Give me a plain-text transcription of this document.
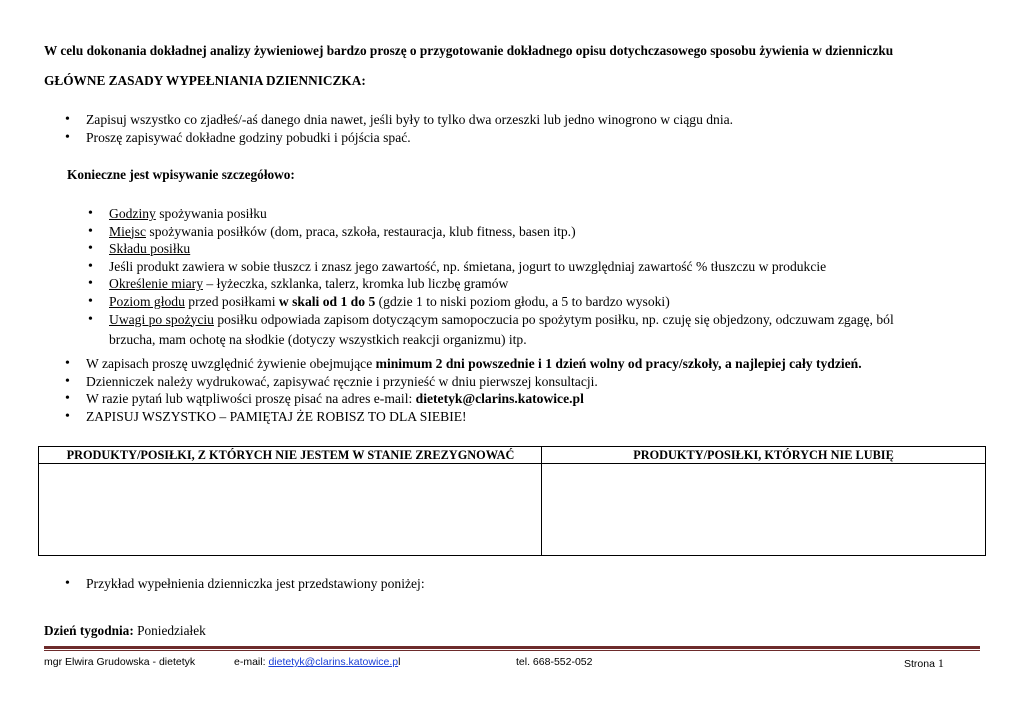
W celu dokonania dokładnej analizy żywieniowej bardzo proszę o przygotowanie dokładnego opisu dotychczasowego sposobu żywienia w dzienniczku
GŁÓWNE ZASADY WYPEŁNIANIA DZIENNICZKA:
• Zapisuj wszystko co zjadłeś/-aś danego dnia nawet, jeśli były to tylko dwa orzeszki lub jedno winogrono w ciągu dnia.
• Proszę zapisywać dokładne godziny pobudki i pójścia spać.
Konieczne jest wpisywanie szczegółowo:
• Godziny spożywania posiłku
• Miejsc spożywania posiłków (dom, praca, szkoła, restauracja, klub fitness, basen itp.)
• Składu posiłku
• Jeśli produkt zawiera w sobie tłuszcz i znasz jego zawartość, np. śmietana, jogurt to uwzględniaj zawartość % tłuszczu w produkcie
• Określenie miary – łyżeczka, szklanka, talerz, kromka lub liczbę gramów
• Poziom głodu przed posiłkami w skali od 1 do 5 (gdzie 1 to niski poziom głodu, a 5 to bardzo wysoki)
• Uwagi po spożyciu posiłku odpowiada zapisom dotyczącym samopoczucia po spożytym posiłku, np. czuję się objedzony, odczuwam zgagę, ból
brzucha, mam ochotę na słodkie (dotyczy wszystkich reakcji organizmu) itp.
• W zapisach proszę uwzględnić żywienie obejmujące minimum 2 dni powszednie i 1 dzień wolny od pracy/szkoły, a najlepiej cały tydzień.
• Dzienniczek należy wydrukować, zapisywać ręcznie i przynieść w dniu pierwszej konsultacji.
• W razie pytań lub wątpliwości proszę pisać na adres e-mail: dietetyk@clarins.katowice.pl
• ZAPISUJ WSZYSTKO – PAMIĘTAJ ŻE ROBISZ TO DLA SIEBIE!
PRODUKTY/POSIŁKI, Z KTÓRYCH NIE JESTEM W STANIE ZREZYGNOWAĆ	PRODUKTY/POSIŁKI, KTÓRYCH NIE LUBIĘ
• Przykład wypełnienia dzienniczka jest przedstawiony poniżej:
Dzień tygodnia: Poniedziałek
mgr Elwira Grudowska - dietetyk	e-mail: dietetyk@clarins.katowice.pl	tel. 668-552-052	Strona 1
